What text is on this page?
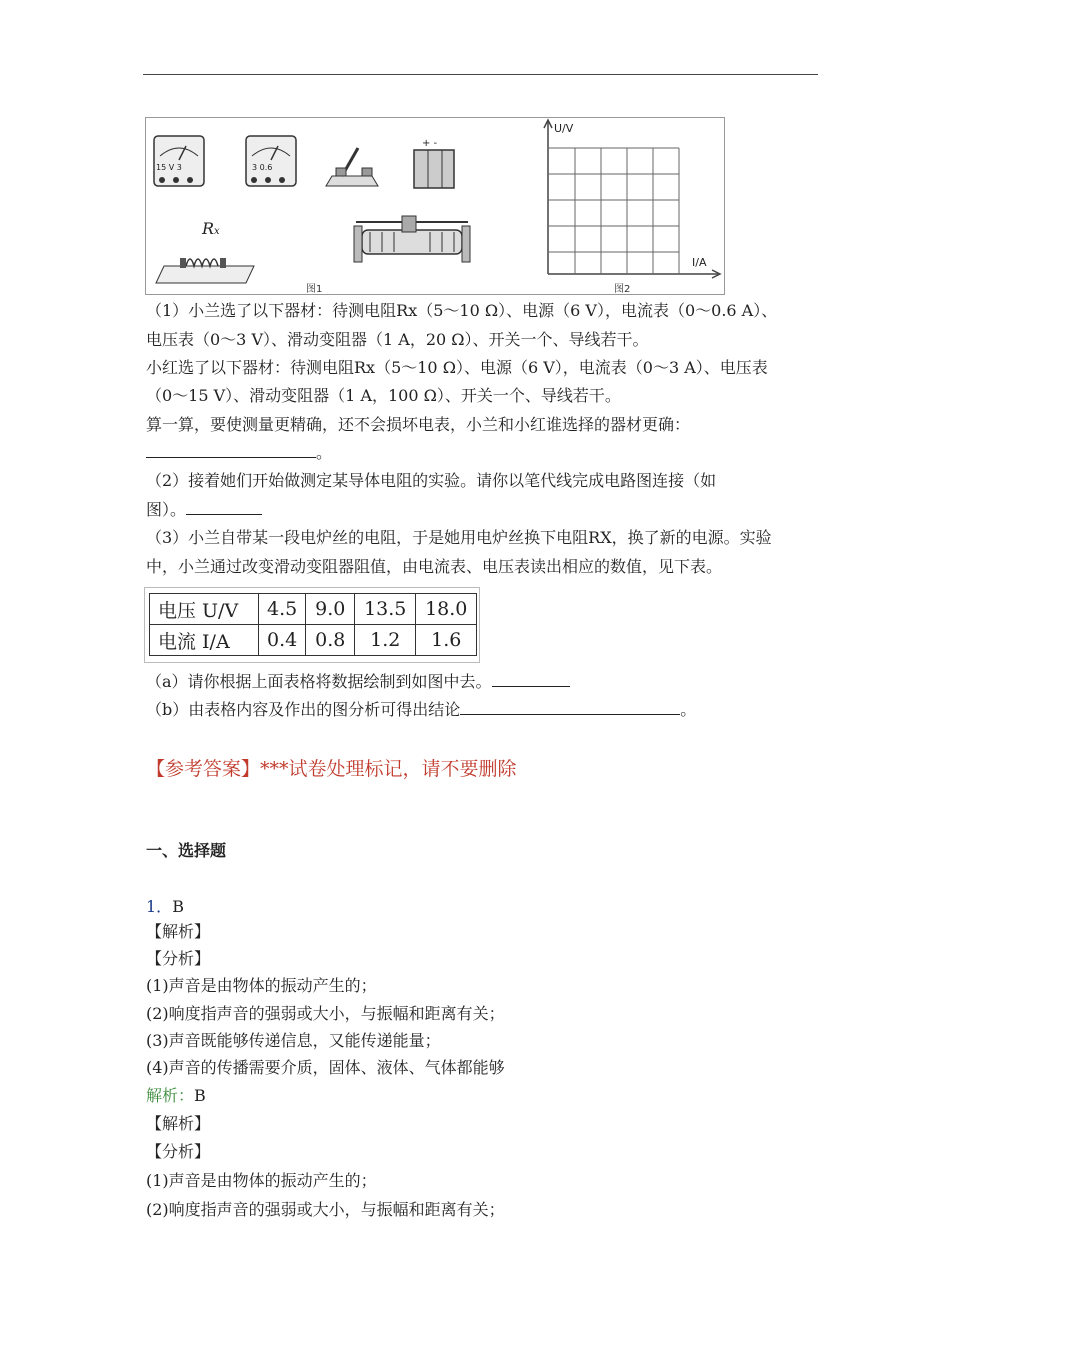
15 V 3	3 0.6
+ -
Rx
图1
U/V
I/A
图2
（1）小兰选了以下器材：待测电阻Rx（5～10 Ω）、电源（6 V），电流表（0～0.6 A）、
电压表（0～3 V）、滑动变阻器（1 A，20 Ω）、开关一个、导线若干。
小红选了以下器材：待测电阻Rx（5～10 Ω）、电源（6 V），电流表（0～3 A）、电压表
（0～15 V）、滑动变阻器（1 A，100 Ω）、开关一个、导线若干。
算一算，要使测量更精确，还不会损坏电表，小兰和小红谁选择的器材更确：
。
（2）接着她们开始做测定某导体电阻的实验。请你以笔代线完成电路图连接（如
图）。
（3）小兰自带某一段电炉丝的电阻，于是她用电炉丝换下电阻RX，换了新的电源。实验
中，小兰通过改变滑动变阻器阻值，由电流表、电压表读出相应的数值，见下表。
电压 U/V	4.5	9.0	13.5	18.0
电流 I/A	0.4	0.8	1.2	1.6
（a）请你根据上面表格将数据绘制到如图中去。
（b）由表格内容及作出的图分析可得出结论	。
【参考答案】***试卷处理标记，请不要删除
一、选择题
1．B
【解析】
【分析】
(1)声音是由物体的振动产生的；
(2)响度指声音的强弱或大小，与振幅和距离有关；
(3)声音既能够传递信息，又能传递能量；
(4)声音的传播需要介质，固体、液体、气体都能够
解析：B
【解析】
【分析】
(1)声音是由物体的振动产生的；
(2)响度指声音的强弱或大小，与振幅和距离有关；
